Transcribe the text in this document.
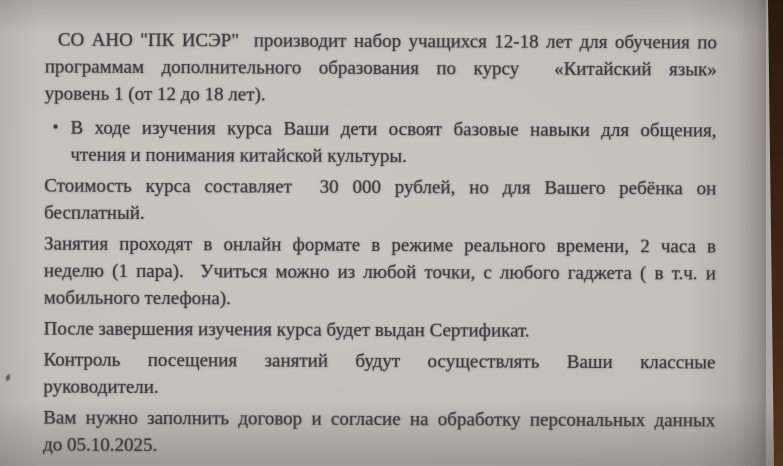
СО АНО "ПК ИСЭР"  производит набор учащихся 12-18 лет для обучения по
программам дополнительного образования по курсу  «Китайский язык»
уровень 1 (от 12 до 18 лет).
• В ходе изучения курса Ваши дети освоят базовые навыки для общения,
чтения и понимания китайской культуры.
Стоимость курса составляет  30 000 рублей, но для Вашего ребёнка он
бесплатный.
Занятия проходят в онлайн формате в режиме реального времени, 2 часа в
неделю (1 пара).  Учиться можно из любой точки, с любого гаджета ( в т.ч. и
мобильного телефона).
После завершения изучения курса будет выдан Сертификат.
Контроль посещения занятий будут осуществлять Ваши классные
руководители.
Вам нужно заполнить договор и согласие на обработку персональных данных
до 05.10.2025.
